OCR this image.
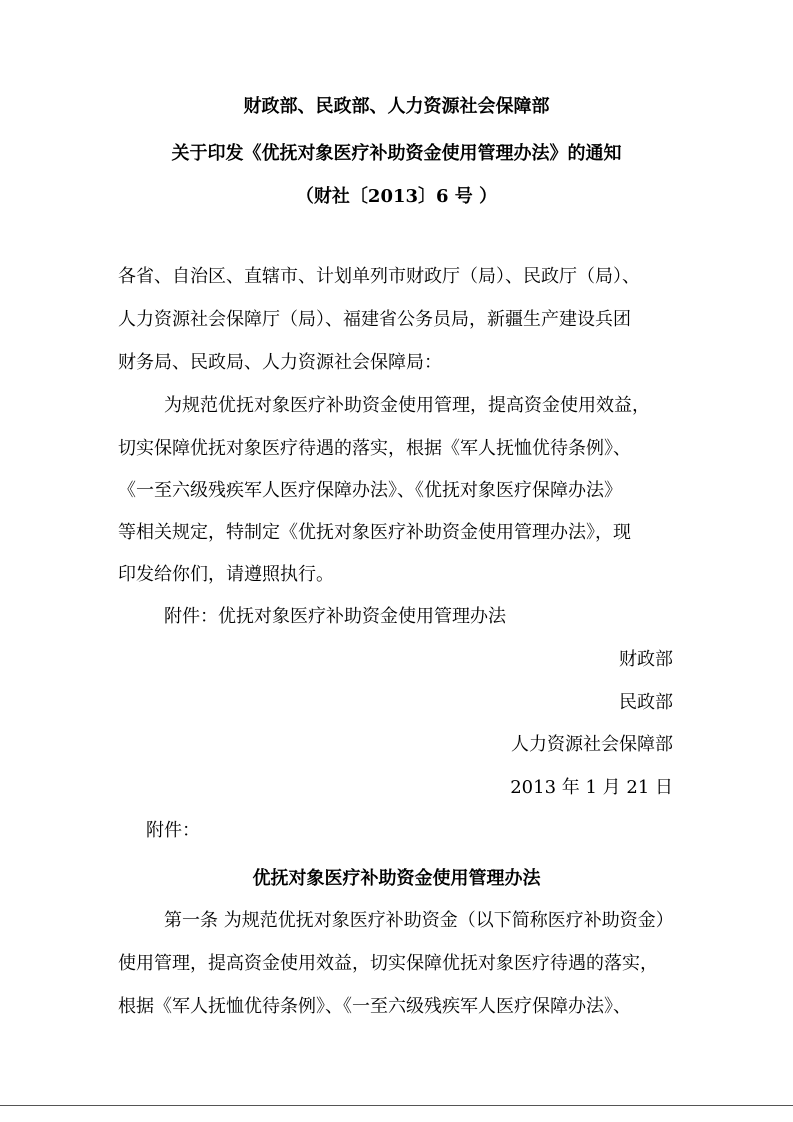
财政部、民政部、人力资源社会保障部
关于印发《优抚对象医疗补助资金使用管理办法》的通知
（财社〔2013〕6 号 ）
各省、自治区、直辖市、计划单列市财政厅（局）、民政厅（局）、
人力资源社会保障厅（局）、福建省公务员局，新疆生产建设兵团
财务局、民政局、人力资源社会保障局：
为规范优抚对象医疗补助资金使用管理，提高资金使用效益，
切实保障优抚对象医疗待遇的落实，根据《军人抚恤优待条例》、
《一至六级残疾军人医疗保障办法》、《优抚对象医疗保障办法》
等相关规定，特制定《优抚对象医疗补助资金使用管理办法》，现
印发给你们，请遵照执行。
附件：优抚对象医疗补助资金使用管理办法
财政部
民政部
人力资源社会保障部
2013 年 1 月 21 日
附件：
优抚对象医疗补助资金使用管理办法
第一条 为规范优抚对象医疗补助资金（以下简称医疗补助资金）
使用管理，提高资金使用效益，切实保障优抚对象医疗待遇的落实，
根据《军人抚恤优待条例》、《一至六级残疾军人医疗保障办法》、
